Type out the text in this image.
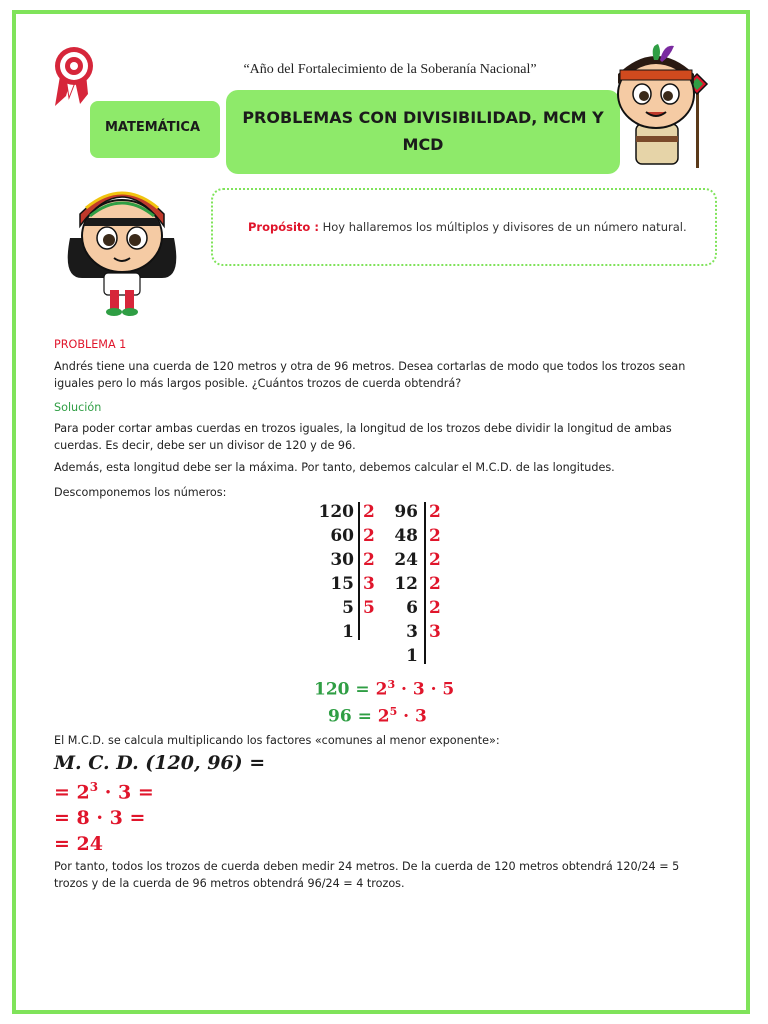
“Año del Fortalecimiento de la Soberanía Nacional”
MATEMÁTICA
PROBLEMAS CON DIVISIBILIDAD, MCM Y MCD
Propósito : Hoy hallaremos los múltiplos y divisores de un número natural.
PROBLEMA 1
Andrés tiene una cuerda de 120 metros y otra de 96 metros. Desea cortarlas de modo que todos los trozos sean iguales pero lo más largos posible. ¿Cuántos trozos de cuerda obtendrá?
Solución
Para poder cortar ambas cuerdas en trozos iguales, la longitud de los trozos debe dividir la longitud de ambas cuerdas. Es decir, debe ser un divisor de 120 y de 96.
Además, esta longitud debe ser la máxima. Por tanto, debemos calcular el M.C.D. de las longitudes.
Descomponemos los números:
120
60
30
15
5
1
2
2
2
3
5
96
48
24
12
6
3
1
2
2
2
2
2
3
$120 = 2^3 \cdot 3 \cdot 5$
$96 = 2^5 \cdot 3$
El M.C.D. se calcula multiplicando los factores «comunes al menor exponente»:
M. C. D. (120, 96) =
= $2^3 \cdot 3$ =
= 8 · 3 =
= 24
Por tanto, todos los trozos de cuerda deben medir 24 metros. De la cuerda de 120 metros obtendrá 120/24 = 5 trozos y de la cuerda de 96 metros obtendrá 96/24 = 4 trozos.
